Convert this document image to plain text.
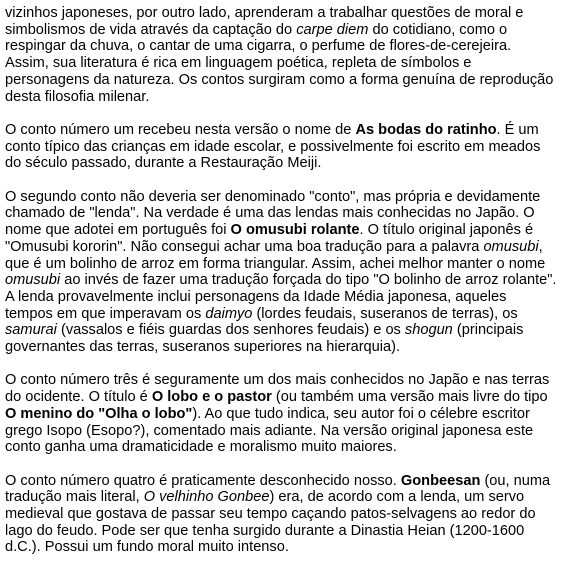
vizinhos japoneses, por outro lado, aprenderam a trabalhar questões de moral e
simbolismos de vida através da captação do carpe diem do cotidiano, como o
respingar da chuva, o cantar de uma cigarra, o perfume de flores-de-cerejeira.
Assim, sua literatura é rica em linguagem poética, repleta de símbolos e
personagens da natureza. Os contos surgiram como a forma genuína de reprodução
desta filosofia milenar.
O conto número um recebeu nesta versão o nome de As bodas do ratinho. É um
conto típico das crianças em idade escolar, e possivelmente foi escrito em meados
do século passado, durante a Restauração Meiji.
O segundo conto não deveria ser denominado "conto", mas própria e devidamente
chamado de "lenda". Na verdade é uma das lendas mais conhecidas no Japão. O
nome que adotei em português foi O omusubi rolante. O título original japonês é
"Omusubi kororin". Não consegui achar uma boa tradução para a palavra omusubi,
que é um bolinho de arroz em forma triangular. Assim, achei melhor manter o nome
omusubi ao invés de fazer uma tradução forçada do tipo "O bolinho de arroz rolante".
A lenda provavelmente inclui personagens da Idade Média japonesa, aqueles
tempos em que imperavam os daimyo (lordes feudais, suseranos de terras), os
samurai (vassalos e fiéis guardas dos senhores feudais) e os shogun (principais
governantes das terras, suseranos superiores na hierarquia).
O conto número três é seguramente um dos mais conhecidos no Japão e nas terras
do ocidente. O título é O lobo e o pastor (ou também uma versão mais livre do tipo
O menino do "Olha o lobo"). Ao que tudo indica, seu autor foi o célebre escritor
grego Isopo (Esopo?), comentado mais adiante. Na versão original japonesa este
conto ganha uma dramaticidade e moralismo muito maiores.
O conto número quatro é praticamente desconhecido nosso. Gonbeesan (ou, numa
tradução mais literal, O velhinho Gonbee) era, de acordo com a lenda, um servo
medieval que gostava de passar seu tempo caçando patos-selvagens ao redor do
lago do feudo. Pode ser que tenha surgido durante a Dinastia Heian (1200-1600
d.C.). Possui um fundo moral muito intenso.
